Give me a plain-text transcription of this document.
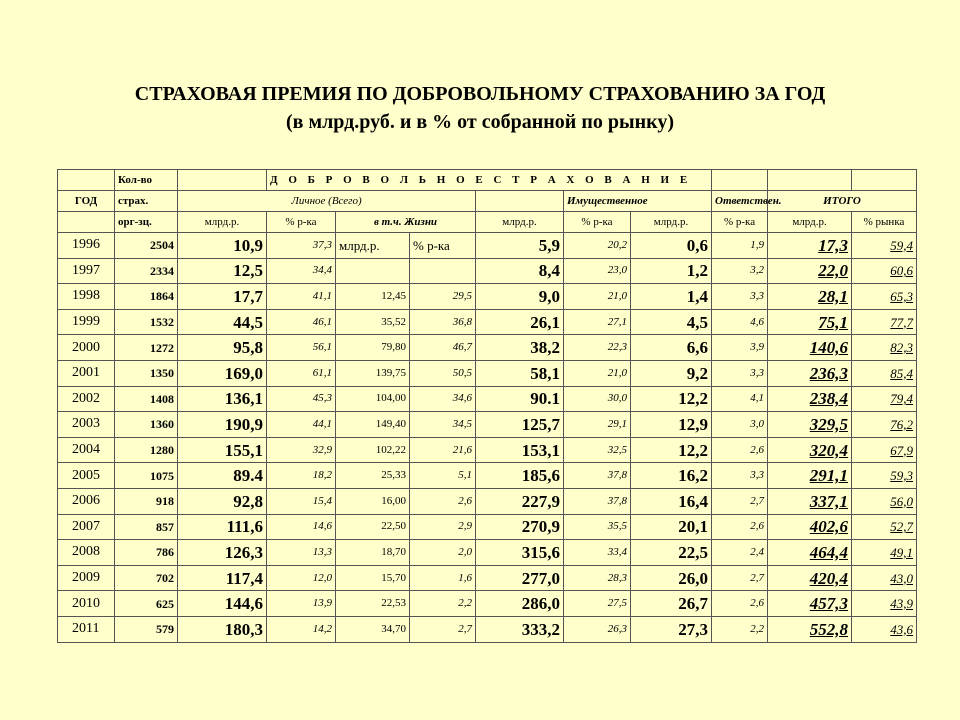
СТРАХОВАЯ ПРЕМИЯ ПО ДОБРОВОЛЬНОМУ СТРАХОВАНИЮ ЗА ГОД
(в млрд.руб. и в % от собранной по рынку)
	Кол-во		Д О Б Р О В О Л Ь Н О Е С Т Р А Х О В А Н И Е								
ГОД	страх.	Личное (Всего)					Имущественное		Ответствен.	ИТОГО	
	орг-зц.	млрд.р.	% р-ка	в т.ч. Жизни		млрд.р.	% р-ка	млрд.р.	% р-ка	млрд.р.	% рынка
1996	2504	10,9	37,3	млрд.р.	% р-ка	5,9	20,2	0,6	1,9	17,3	59,4
1997	2334	12,5	34,4			8,4	23,0	1,2	3,2	22,0	60,6
1998	1864	17,7	41,1	12,45	29,5	9,0	21,0	1,4	3,3	28,1	65,3
1999	1532	44,5	46,1	35,52	36,8	26,1	27,1	4,5	4,6	75,1	77,7
2000	1272	95,8	56,1	79,80	46,7	38,2	22,3	6,6	3,9	140,6	82,3
2001	1350	169,0	61,1	139,75	50,5	58,1	21,0	9,2	3,3	236,3	85,4
2002	1408	136,1	45,3	104,00	34,6	90.1	30,0	12,2	4,1	238,4	79,4
2003	1360	190,9	44,1	149,40	34,5	125,7	29,1	12,9	3,0	329,5	76,2
2004	1280	155,1	32,9	102,22	21,6	153,1	32,5	12,2	2,6	320,4	67,9
2005	1075	89.4	18,2	25,33	5,1	185,6	37,8	16,2	3,3	291,1	59,3
2006	918	92,8	15,4	16,00	2,6	227,9	37,8	16,4	2,7	337,1	56,0
2007	857	111,6	14,6	22,50	2,9	270,9	35,5	20,1	2,6	402,6	52,7
2008	786	126,3	13,3	18,70	2,0	315,6	33,4	22,5	2,4	464,4	49,1
2009	702	117,4	12,0	15,70	1,6	277,0	28,3	26,0	2,7	420,4	43,0
2010	625	144,6	13,9	22,53	2,2	286,0	27,5	26,7	2,6	457,3	43,9
2011	579	180,3	14,2	34,70	2,7	333,2	26,3	27,3	2,2	552,8	43,6
